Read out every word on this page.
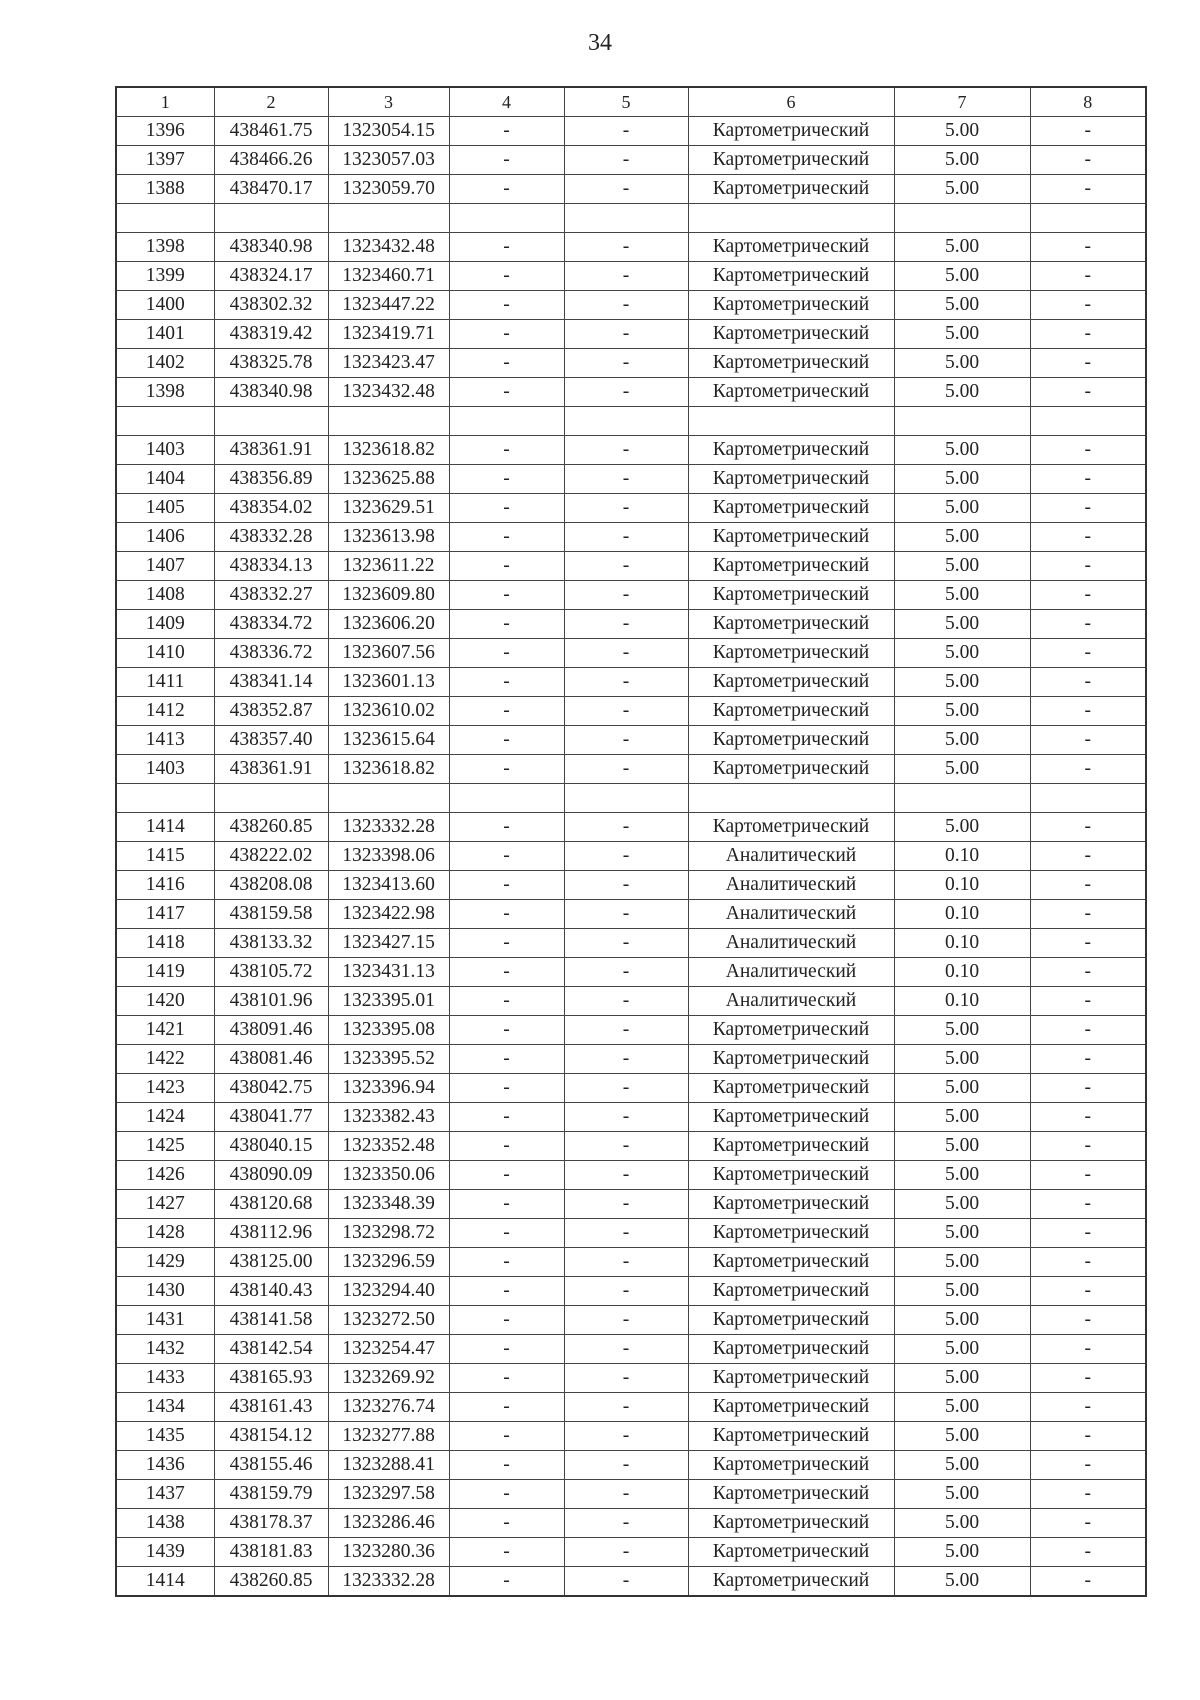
34
1	2	3	4	5	6	7	8
1396	438461.75	1323054.15	-	-	Картометрический	5.00	-
1397	438466.26	1323057.03	-	-	Картометрический	5.00	-
1388	438470.17	1323059.70	-	-	Картометрический	5.00	-

1398	438340.98	1323432.48	-	-	Картометрический	5.00	-
1399	438324.17	1323460.71	-	-	Картометрический	5.00	-
1400	438302.32	1323447.22	-	-	Картометрический	5.00	-
1401	438319.42	1323419.71	-	-	Картометрический	5.00	-
1402	438325.78	1323423.47	-	-	Картометрический	5.00	-
1398	438340.98	1323432.48	-	-	Картометрический	5.00	-

1403	438361.91	1323618.82	-	-	Картометрический	5.00	-
1404	438356.89	1323625.88	-	-	Картометрический	5.00	-
1405	438354.02	1323629.51	-	-	Картометрический	5.00	-
1406	438332.28	1323613.98	-	-	Картометрический	5.00	-
1407	438334.13	1323611.22	-	-	Картометрический	5.00	-
1408	438332.27	1323609.80	-	-	Картометрический	5.00	-
1409	438334.72	1323606.20	-	-	Картометрический	5.00	-
1410	438336.72	1323607.56	-	-	Картометрический	5.00	-
1411	438341.14	1323601.13	-	-	Картометрический	5.00	-
1412	438352.87	1323610.02	-	-	Картометрический	5.00	-
1413	438357.40	1323615.64	-	-	Картометрический	5.00	-
1403	438361.91	1323618.82	-	-	Картометрический	5.00	-

1414	438260.85	1323332.28	-	-	Картометрический	5.00	-
1415	438222.02	1323398.06	-	-	Аналитический	0.10	-
1416	438208.08	1323413.60	-	-	Аналитический	0.10	-
1417	438159.58	1323422.98	-	-	Аналитический	0.10	-
1418	438133.32	1323427.15	-	-	Аналитический	0.10	-
1419	438105.72	1323431.13	-	-	Аналитический	0.10	-
1420	438101.96	1323395.01	-	-	Аналитический	0.10	-
1421	438091.46	1323395.08	-	-	Картометрический	5.00	-
1422	438081.46	1323395.52	-	-	Картометрический	5.00	-
1423	438042.75	1323396.94	-	-	Картометрический	5.00	-
1424	438041.77	1323382.43	-	-	Картометрический	5.00	-
1425	438040.15	1323352.48	-	-	Картометрический	5.00	-
1426	438090.09	1323350.06	-	-	Картометрический	5.00	-
1427	438120.68	1323348.39	-	-	Картометрический	5.00	-
1428	438112.96	1323298.72	-	-	Картометрический	5.00	-
1429	438125.00	1323296.59	-	-	Картометрический	5.00	-
1430	438140.43	1323294.40	-	-	Картометрический	5.00	-
1431	438141.58	1323272.50	-	-	Картометрический	5.00	-
1432	438142.54	1323254.47	-	-	Картометрический	5.00	-
1433	438165.93	1323269.92	-	-	Картометрический	5.00	-
1434	438161.43	1323276.74	-	-	Картометрический	5.00	-
1435	438154.12	1323277.88	-	-	Картометрический	5.00	-
1436	438155.46	1323288.41	-	-	Картометрический	5.00	-
1437	438159.79	1323297.58	-	-	Картометрический	5.00	-
1438	438178.37	1323286.46	-	-	Картометрический	5.00	-
1439	438181.83	1323280.36	-	-	Картометрический	5.00	-
1414	438260.85	1323332.28	-	-	Картометрический	5.00	-
